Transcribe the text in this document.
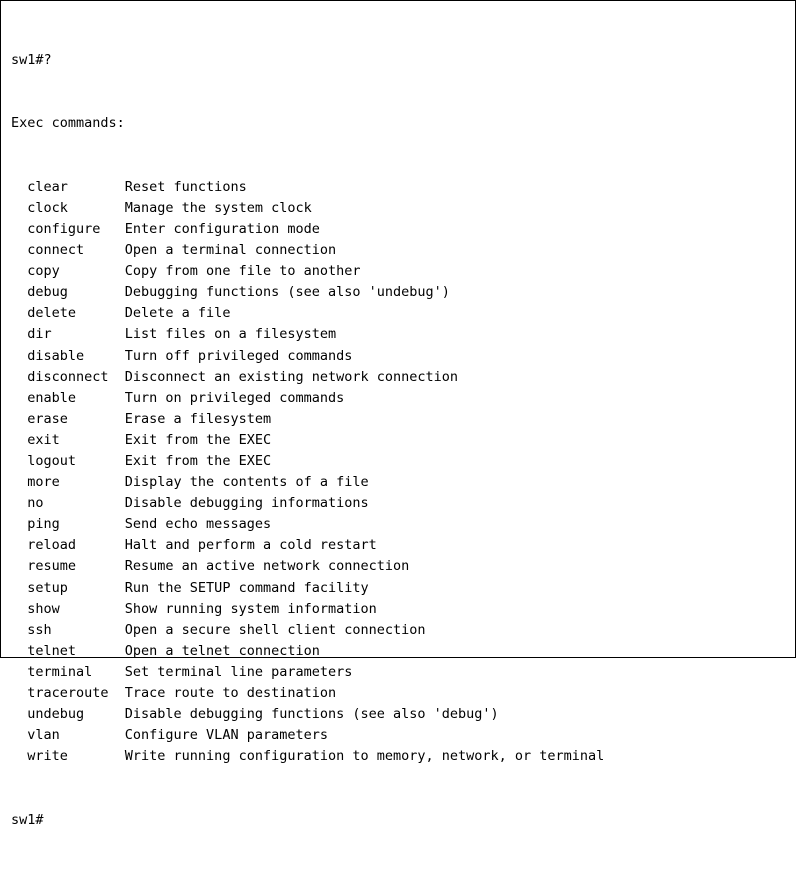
sw1#?

Exec commands:

clear	Reset functions
clock	Manage the system clock
configure Enter configuration mode
connect	Open a terminal connection
copy	Copy from one file to another
debug	Debugging functions (see also 'undebug')
delete	Delete a file
dir	List files on a filesystem
disable	Turn off privileged commands
disconnect Disconnect an existing network connection
enable	Turn on privileged commands
erase	Erase a filesystem
exit	Exit from the EXEC
logout	Exit from the EXEC
more	Display the contents of a file
no	Disable debugging informations
ping	Send echo messages
reload	Halt and perform a cold restart
resume	Resume an active network connection
setup	Run the SETUP command facility
show	Show running system information
ssh	Open a secure shell client connection
telnet	Open a telnet connection
terminal Set terminal line parameters
traceroute Trace route to destination
undebug	Disable debugging functions (see also 'debug')
vlan	Configure VLAN parameters
write	Write running configuration to memory, network, or terminal

sw1#
